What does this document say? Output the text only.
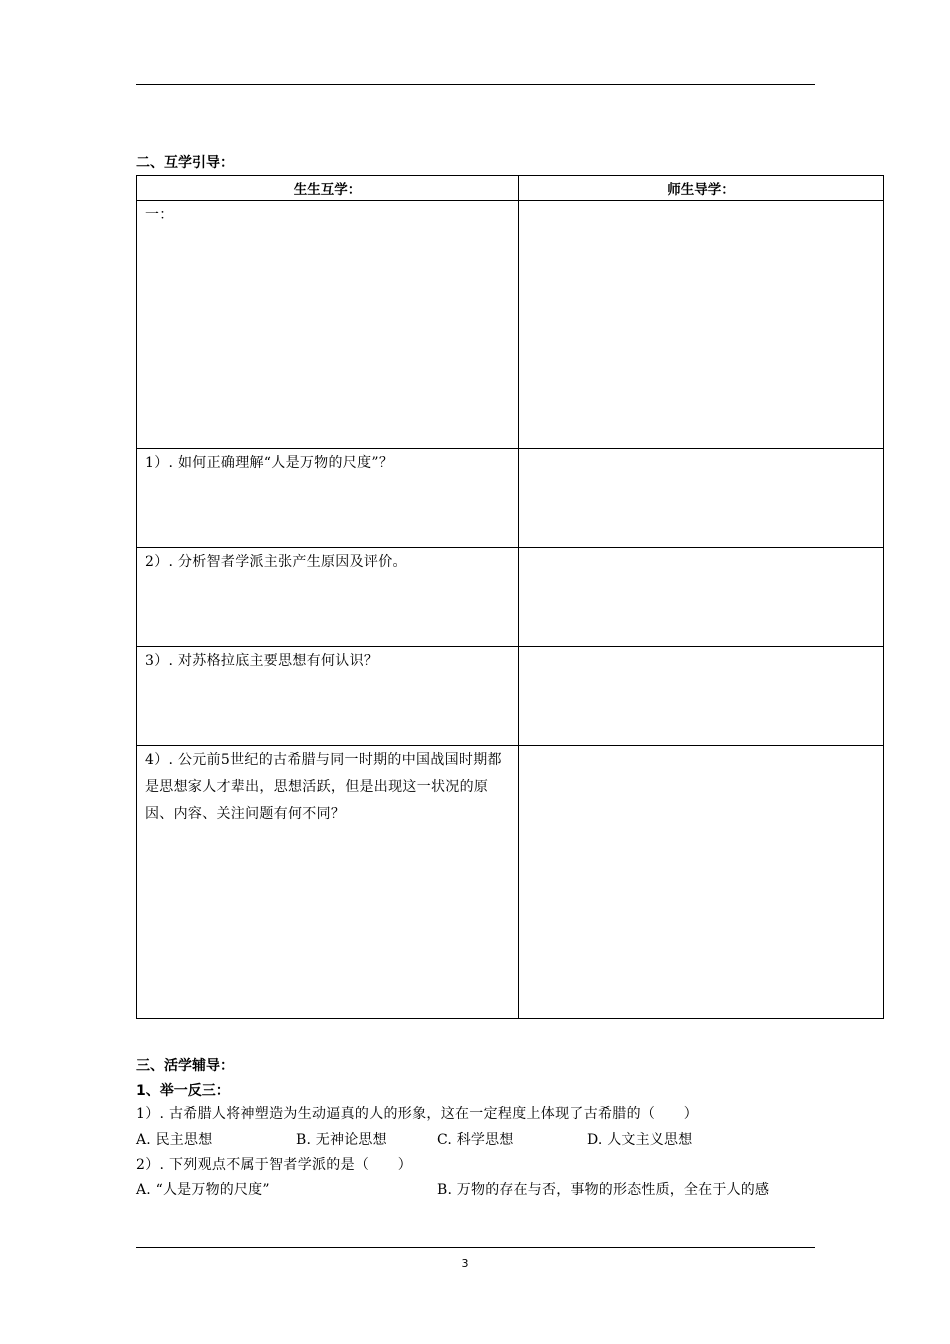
二、互学引导：
生生互学：	师生导学：

一：	

1）. 如何正确理解“人是万物的尺度”？	

2）. 分析智者学派主张产生原因及评价。	

3）. 对苏格拉底主要思想有何认识？	

4）. 公元前5世纪的古希腊与同一时期的中国战国时期都是思想家人才辈出，思想活跃，但是出现这一状况的原因、内容、关注问题有何不同？	

三、活学辅导：
1、举一反三：
1）. 古希腊人将神塑造为生动逼真的人的形象，这在一定程度上体现了古希腊的（　　）
A. 民主思想	B. 无神论思想	C. 科学思想	D. 人文主义思想
2）. 下列观点不属于智者学派的是（　　）
A. “人是万物的尺度”	B. 万物的存在与否，事物的形态性质，全在于人的感
3
